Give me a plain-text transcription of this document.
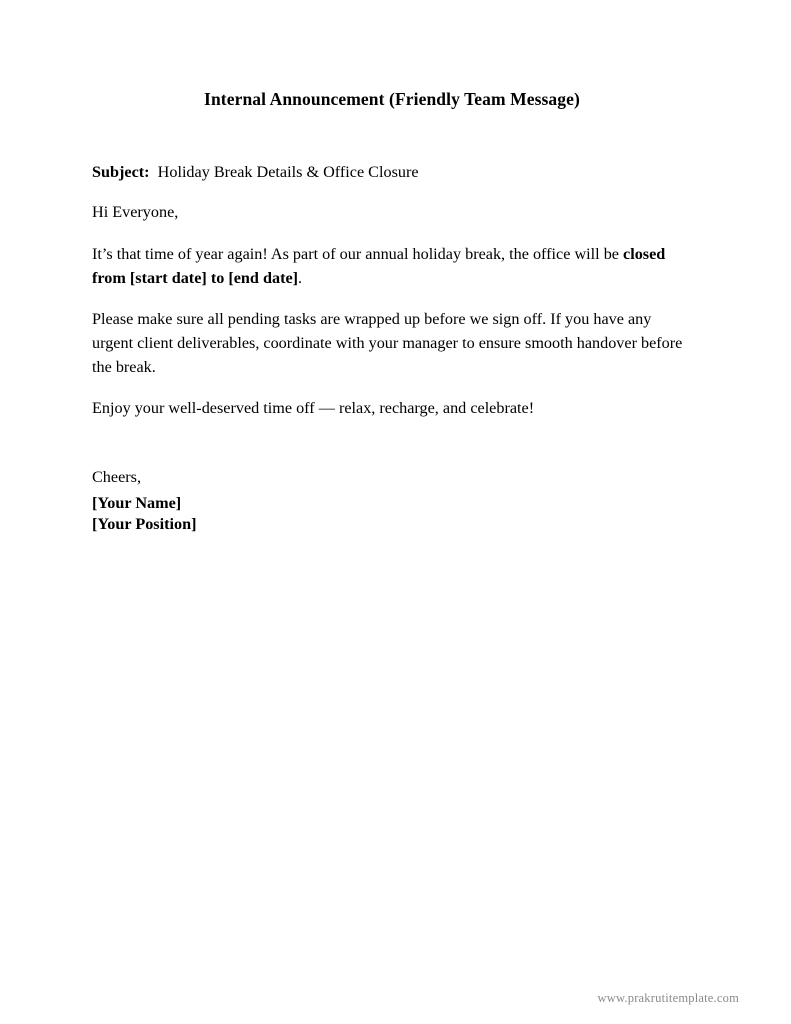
Internal Announcement (Friendly Team Message)

Subject: Holiday Break Details & Office Closure

Hi Everyone,

It’s that time of year again! As part of our annual holiday break, the office will be closed from [start date] to [end date].

Please make sure all pending tasks are wrapped up before we sign off. If you have any urgent client deliverables, coordinate with your manager to ensure smooth handover before the break.

Enjoy your well-deserved time off — relax, recharge, and celebrate!

Cheers,

[Your Name]

[Your Position]

www.prakrutitemplate.com
